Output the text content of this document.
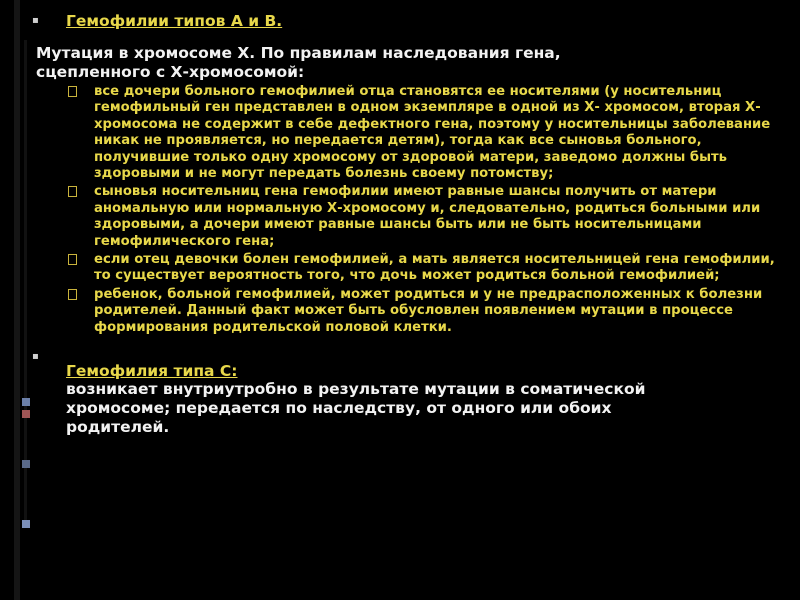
▪ Гемофилии типов А и В.
Мутация в хромосоме Х. По правилам наследования гена,
сцепленного с Х-хромосомой:
все дочери больного гемофилией отца становятся ее носителями (у носительниц гемофильный ген представлен в одном экземпляре в одной из Х- хромосом, вторая Х- хромосома не содержит в себе дефектного гена, поэтому у носительницы заболевание никак не проявляется, но передается детям), тогда как все сыновья больного, получившие только одну хромосому от здоровой матери, заведомо должны быть здоровыми и не могут передать болезнь своему потомству;
сыновья носительниц гена гемофилии имеют равные шансы получить от матери аномальную или нормальную Х-хромосому и, следовательно, родиться больными или здоровыми, а дочери имеют равные шансы быть или не быть носительницами гемофилического гена;
если отец девочки болен гемофилией, а мать является носительницей гена гемофилии, то существует вероятность того, что дочь может родиться больной гемофилией;
ребенок, больной гемофилией, может родиться и у не предрасположенных к болезни родителей. Данный факт может быть обусловлен появлением мутации в процессе формирования родительской половой клетки.
▪
Гемофилия типа С:
возникает внутриутробно в результате мутации в соматической
хромосоме; передается по наследству, от одного или обоих
родителей.
